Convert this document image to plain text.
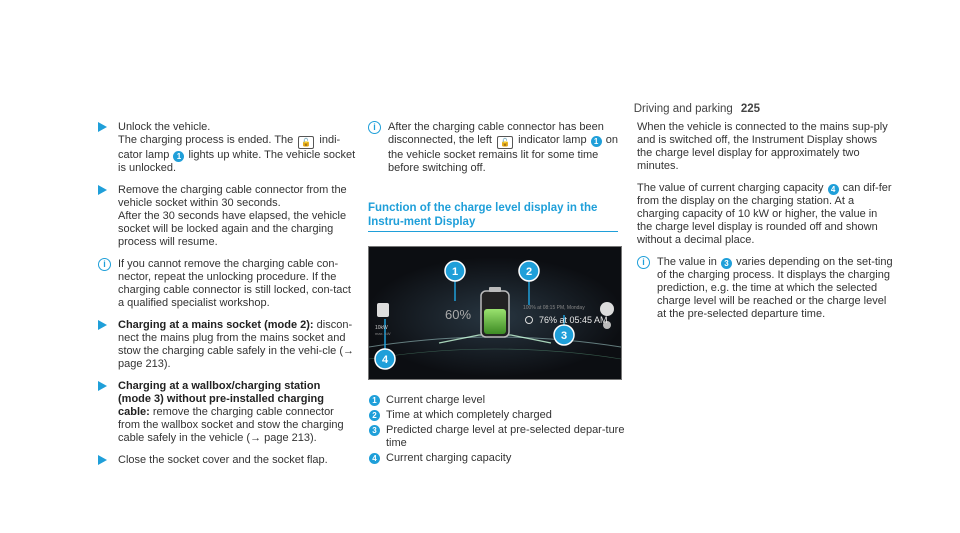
Driving and parking 225
Unlock the vehicle.
The charging process is ended. The 🔓 indi-cator lamp 1 lights up white. The vehicle socket is unlocked.
Remove the charging cable connector from the vehicle socket within 30 seconds.
After the 30 seconds have elapsed, the vehicle socket will be locked again and the charging process will resume.
i	If you cannot remove the charging cable con-nector, repeat the unlocking procedure. If the charging cable connector is still locked, con-tact a qualified specialist workshop.
Charging at a mains socket (mode 2): discon-nect the mains plug from the mains socket and stow the charging cable safely in the vehi-cle (→ page 213).
Charging at a wallbox/charging station (mode 3) without pre-installed charging cable: remove the charging cable connector from the wallbox socket and stow the charging cable safely in the vehicle (→ page 213).
Close the socket cover and the socket flap.
i	After the charging cable connector has been disconnected, the left 🔓 indicator lamp 1 on the vehicle socket remains lit for some time before switching off.
Function of the charge level display in the Instru-ment Display
60%	100% at 08:15 PM, Monday
76% at 05:45 AM
10kW
max. kW
1	2
3
4
1 Current charge level
2 Time at which completely charged
3 Predicted charge level at pre-selected depar-ture time
4 Current charging capacity

When the vehicle is connected to the mains sup-ply and is switched off, the Instrument Display shows the charge level display for approximately two minutes.

The value of current charging capacity 4 can dif-fer from the display on the charging station. At a charging capacity of 10 kW or higher, the value in the charge level display is rounded off and shown without a decimal place.

i	The value in 3 varies depending on the set-ting of the charging process. It displays the charging prediction, e.g. the time at which the selected charge level will be reached or the charge level at the pre-selected departure time.
